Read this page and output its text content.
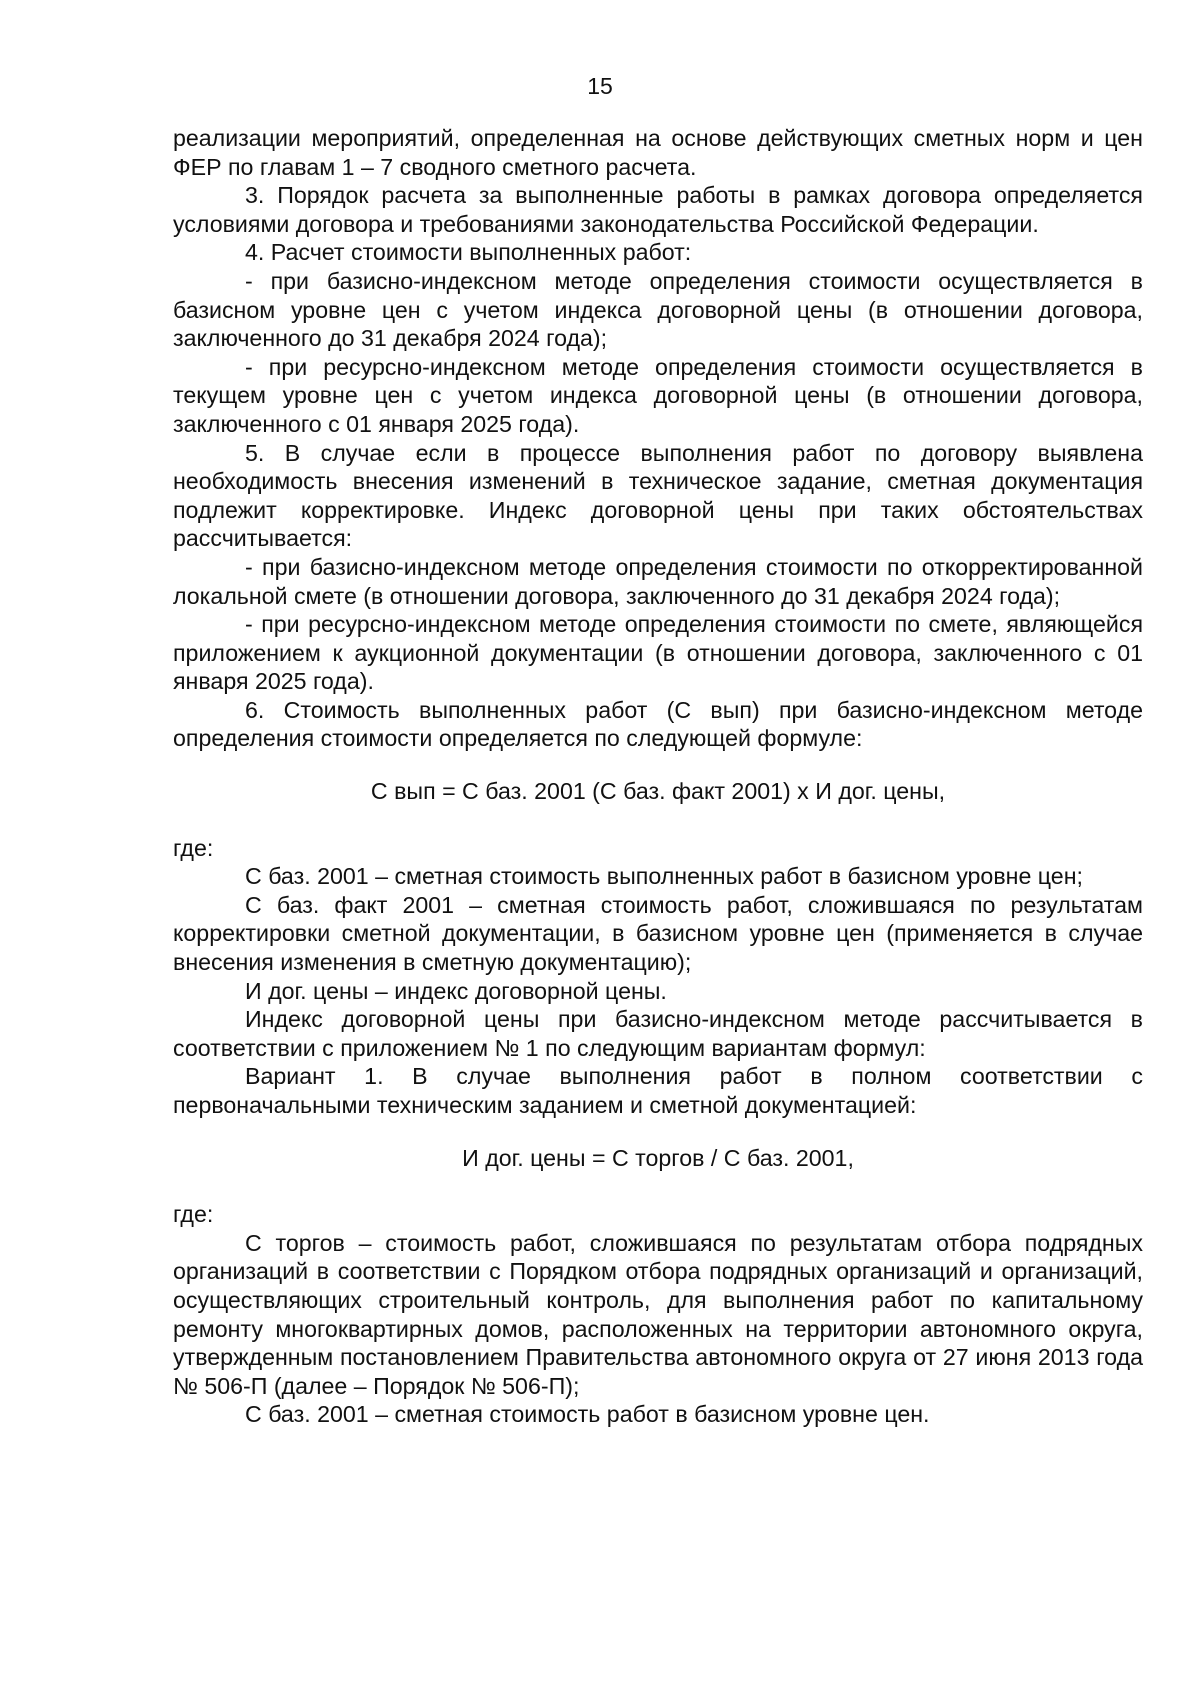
15

реализации мероприятий, определенная на основе действующих сметных норм и цен ФЕР по главам 1 – 7 сводного сметного расчета.

3. Порядок расчета за выполненные работы в рамках договора определяется условиями договора и требованиями законодательства Российской Федерации.

4. Расчет стоимости выполненных работ:

- при базисно-индексном методе определения стоимости осуществляется в базисном уровне цен с учетом индекса договорной цены (в отношении договора, заключенного до 31 декабря 2024 года);

- при ресурсно-индексном методе определения стоимости осуществляется в текущем уровне цен с учетом индекса договорной цены (в отношении договора, заключенного с 01 января 2025 года).

5. В случае если в процессе выполнения работ по договору выявлена необходимость внесения изменений в техническое задание, сметная документация подлежит корректировке. Индекс договорной цены при таких обстоятельствах рассчитывается:

- при базисно-индексном методе определения стоимости по откорректированной локальной смете (в отношении договора, заключенного до 31 декабря 2024 года);

- при ресурсно-индексном методе определения стоимости по смете, являющейся приложением к аукционной документации (в отношении договора, заключенного с 01 января 2025 года).

6. Стоимость выполненных работ (С вып) при базисно-индексном методе определения стоимости определяется по следующей формуле:

С вып = С баз. 2001 (С баз. факт 2001) х И дог. цены,

где:

С баз. 2001 – сметная стоимость выполненных работ в базисном уровне цен;

С баз. факт 2001 – сметная стоимость работ, сложившаяся по результатам корректировки сметной документации, в базисном уровне цен (применяется в случае внесения изменения в сметную документацию);

И дог. цены – индекс договорной цены.

Индекс договорной цены при базисно-индексном методе рассчитывается в соответствии с приложением № 1 по следующим вариантам формул:

Вариант 1. В случае выполнения работ в полном соответствии с первоначальными техническим заданием и сметной документацией:

И дог. цены = С торгов / С баз. 2001,

где:

С торгов – стоимость работ, сложившаяся по результатам отбора подрядных организаций в соответствии с Порядком отбора подрядных организаций и организаций, осуществляющих строительный контроль, для выполнения работ по капитальному ремонту многоквартирных домов, расположенных на территории автономного округа, утвержденным постановлением Правительства автономного округа от 27 июня 2013 года № 506-П (далее – Порядок № 506-П);

С баз. 2001 – сметная стоимость работ в базисном уровне цен.
